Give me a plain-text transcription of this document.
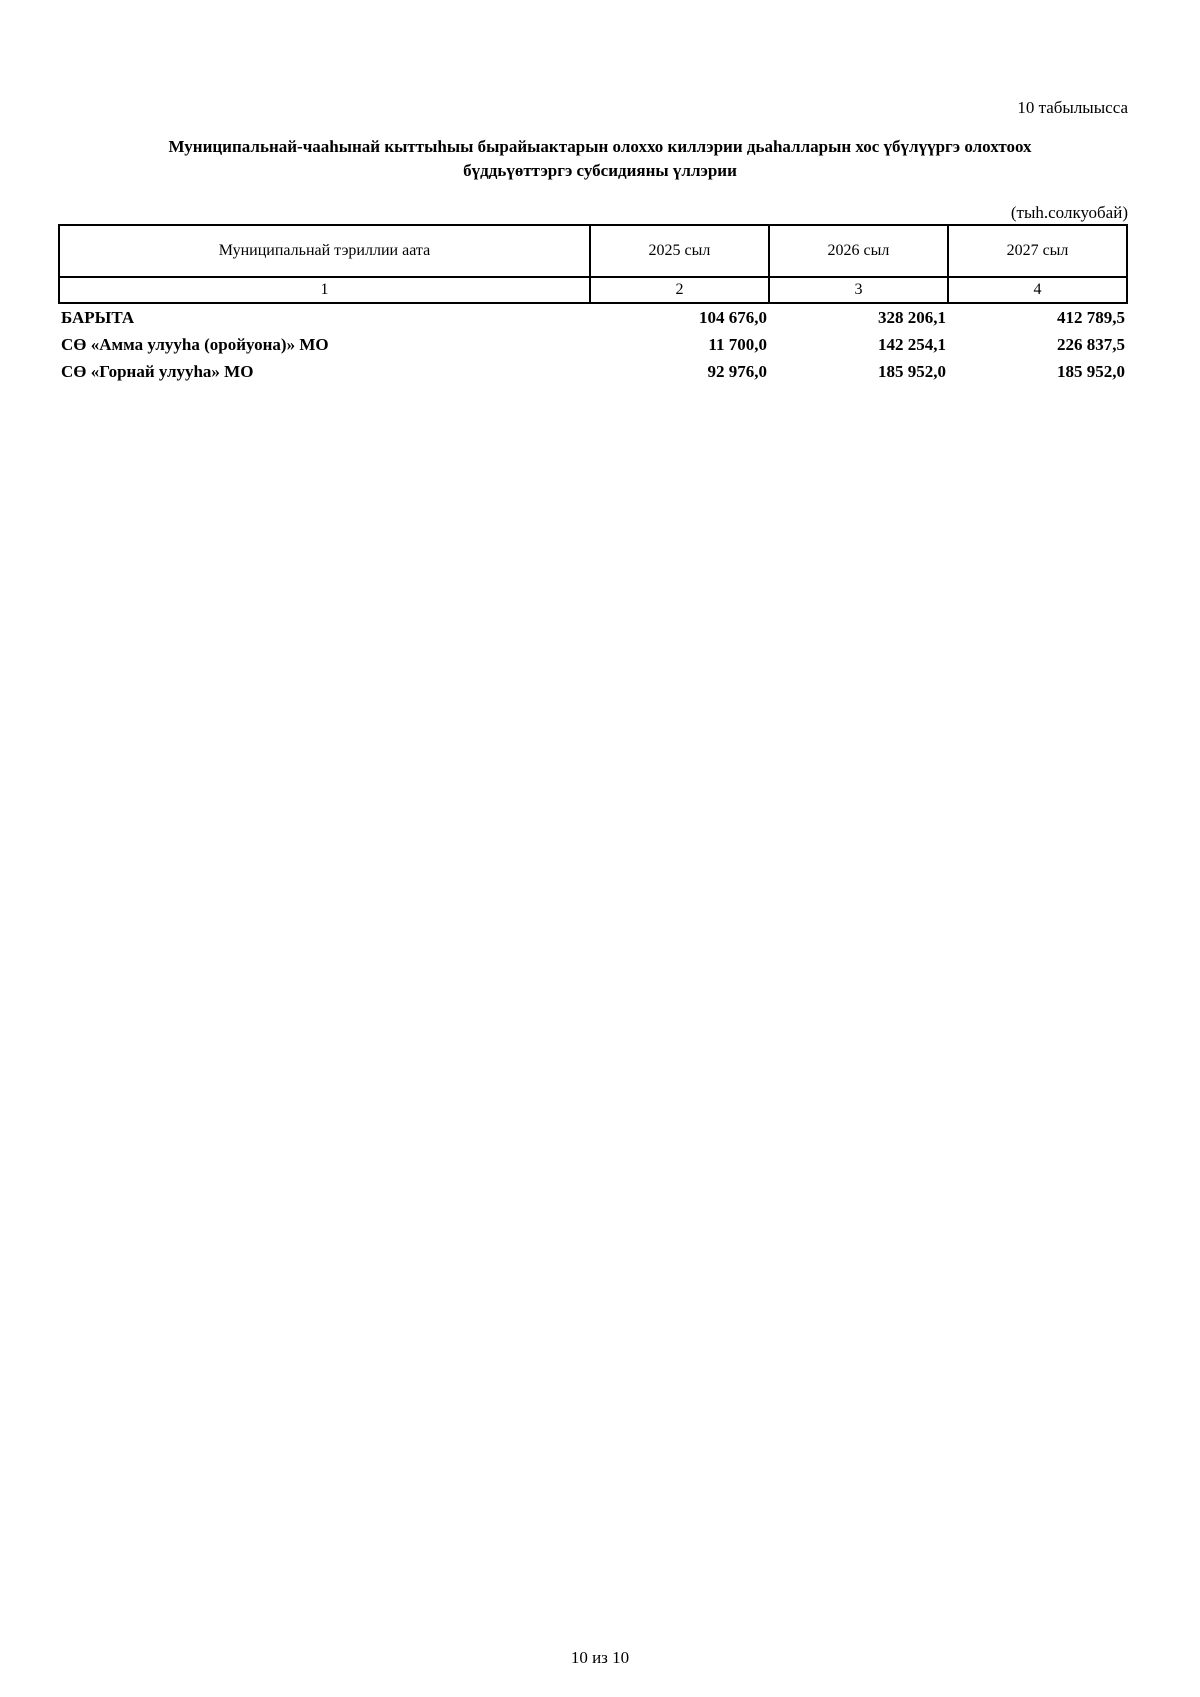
10 табылыысса
Муниципальнай-чааһынай кыттыһыы бырайыактарын олоххо киллэрии дьаһалларын хос үбүлүүргэ олохтоох
бүддьүөттэргэ субсидияны үллэрии
(тыһ.солкуобай)
Муниципальнай тэриллии аата	2025 сыл	2026 сыл	2027 сыл
1	2	3	4
БАРЫТА	104 676,0	328 206,1	412 789,5
СӨ «Амма улууһа (оройуона)» МО	11 700,0	142 254,1	226 837,5
СӨ «Горнай улууһа» МО	92 976,0	185 952,0	185 952,0
10 из 10
